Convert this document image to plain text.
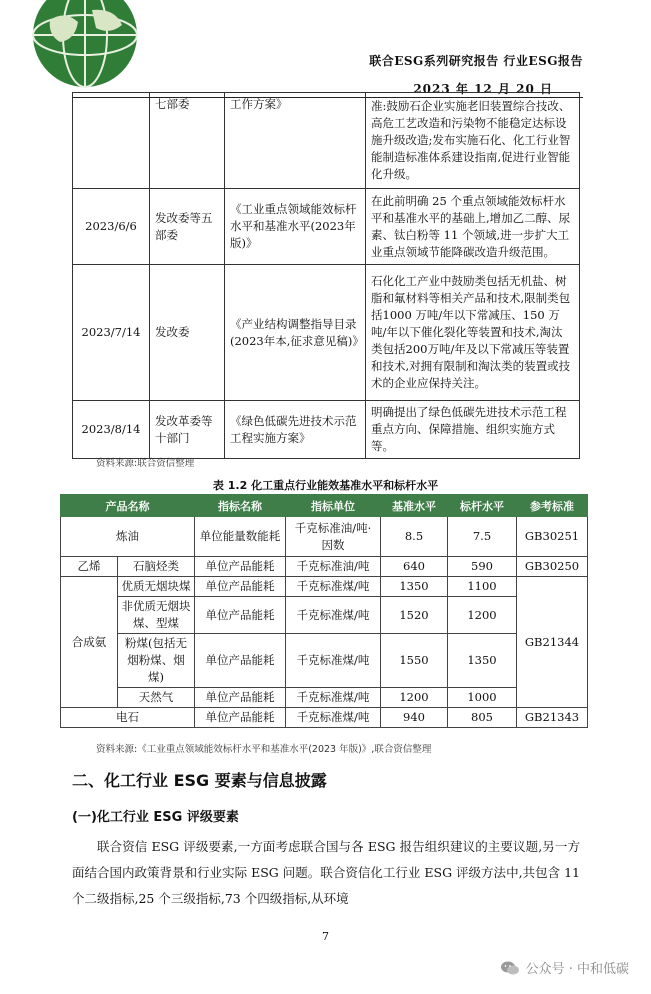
联合ESG系列研究报告 行业ESG报告
2023 年 12 月 20 日
	七部委	工作方案》	准:鼓励石企业实施老旧装置综合技改、高危工艺改造和污染物不能稳定达标设施升级改造;发布实施石化、化工行业智能制造标准体系建设指南,促进行业智能化升级。
2023/6/6	发改委等五部委	《工业重点领域能效标杆水平和基准水平(2023年版)》	在此前明确 25 个重点领域能效标杆水平和基准水平的基础上,增加乙二醇、尿素、钛白粉等 11 个领域,进一步扩大工业重点领域节能降碳改造升级范围。
2023/7/14	发改委	《产业结构调整指导目录(2023年本,征求意见稿)》	石化化工产业中鼓励类包括无机盐、树脂和氟材料等相关产品和技术,限制类包括1000 万吨/年以下常减压、150 万吨/年以下催化裂化等装置和技术,淘汰类包括200万吨/年及以下常减压等装置和技术,对拥有限制和淘汰类的装置或技术的企业应保持关注。
2023/8/14	发改革委等十部门	《绿色低碳先进技术示范工程实施方案》	明确提出了绿色低碳先进技术示范工程重点方向、保障措施、组织实施方式等。
资料来源:联合资信整理
表 1.2 化工重点行业能效基准水平和标杆水平
产品名称		指标名称	指标单位	基准水平	标杆水平	参考标准
炼油		单位能量数能耗	千克标准油/吨·因数	8.5	7.5	GB30251
乙烯	石脑烃类	单位产品能耗	千克标准油/吨	640	590	GB30250
合成氨	优质无烟块煤	单位产品能耗	千克标准煤/吨	1350	1100	GB21344
	非优质无烟块煤、型煤	单位产品能耗	千克标准煤/吨	1520	1200	
	粉煤(包括无烟粉煤、烟煤)	单位产品能耗	千克标准煤/吨	1550	1350	
	天然气	单位产品能耗	千克标准煤/吨	1200	1000	
电石		单位产品能耗	千克标准煤/吨	940	805	GB21343
资料来源:《工业重点领域能效标杆水平和基准水平(2023 年版)》,联合资信整理
二、化工行业 ESG 要素与信息披露
(一)化工行业 ESG 评级要素

联合资信 ESG 评级要素,一方面考虑联合国与各 ESG 报告组织建议的主要议题,另一方面结合国内政策背景和行业实际 ESG 问题。联合资信化工行业 ESG 评级方法中,共包含 11 个二级指标,25 个三级指标,73 个四级指标,从环境

7
公众号 · 中和低碳
